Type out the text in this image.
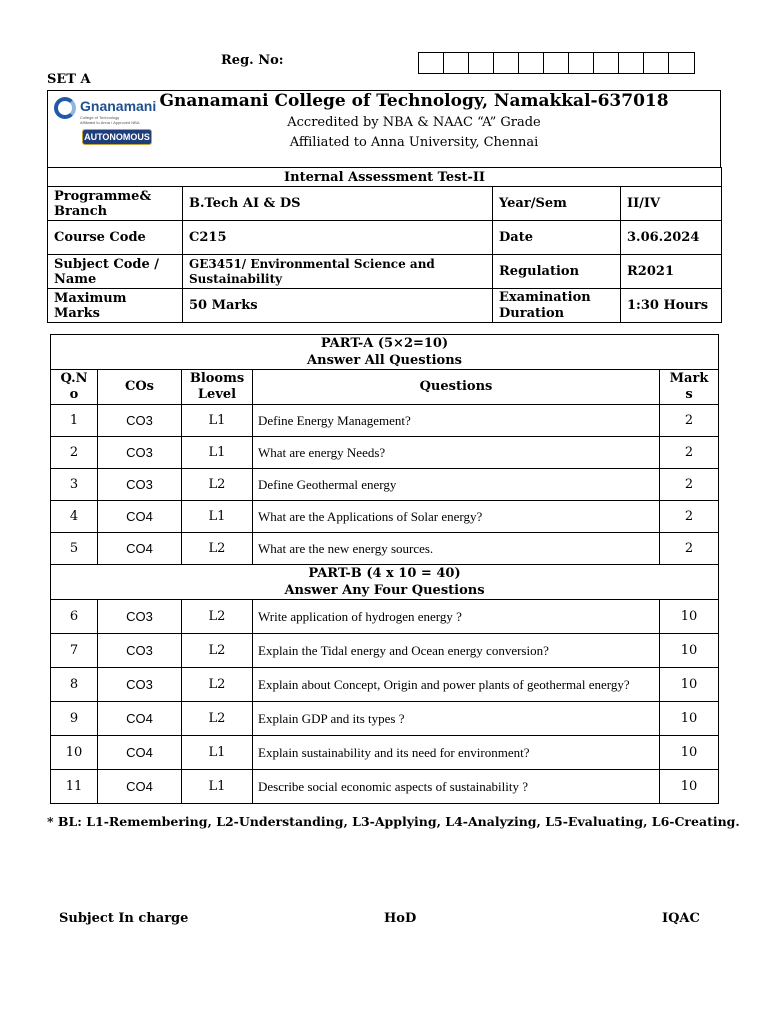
Reg. No:
SET A
Gnanamani
College of Technology
Affiliated to Anna / Approved NBA
AUTONOMOUS
Gnanamani College of Technology, Namakkal-637018
Accredited by NBA & NAAC “A” Grade
Affiliated to Anna University, Chennai
Internal Assessment Test-II			
Programme& Branch	B.Tech AI & DS	Year/Sem	II/IV
Course Code	C215	Date	3.06.2024
Subject Code / Name	GE3451/ Environmental Science and Sustainability	Regulation	R2021
Maximum Marks	50 Marks	Examination Duration	1:30 Hours
PART-A (5×2=10)
Answer All Questions				

Q.N o	COs	Blooms Level	Questions	Mark s
1	CO3	L1	Define Energy Management?	2
2	CO3	L1	What are energy Needs?	2
3	CO3	L2	Define Geothermal energy	2
4	CO4	L1	What are the Applications of Solar energy?	2
5	CO4	L2	What are the new energy sources.	2

PART-B (4 x 10 = 40)
Answer Any Four Questions				

6	CO3	L2	Write application of hydrogen energy ?	10
7	CO3	L2	Explain the Tidal energy and Ocean energy conversion?	10
8	CO3	L2	Explain about Concept, Origin and power plants of geothermal energy?	10
9	CO4	L2	Explain GDP and its types ?	10
10	CO4	L1	Explain sustainability and its need for environment?	10
11	CO4	L1	Describe social economic aspects of sustainability ?	10
* BL: L1-Remembering, L2-Understanding, L3-Applying, L4-Analyzing, L5-Evaluating, L6-Creating.
Subject In charge	HoD	IQAC
